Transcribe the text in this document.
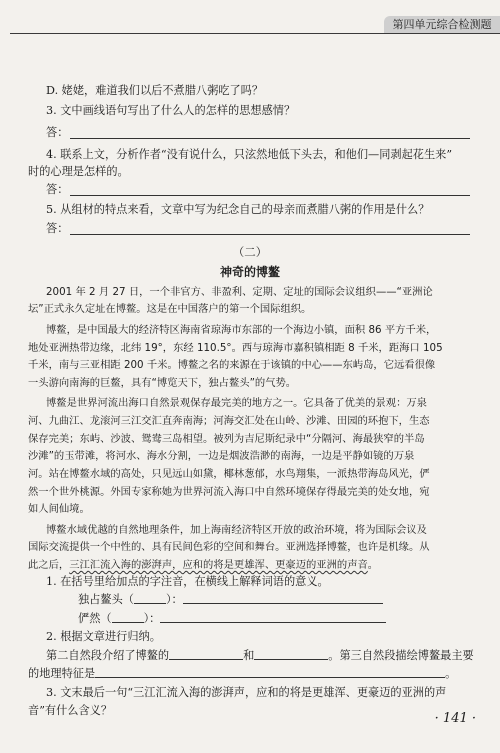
第四单元综合检测题
D. 姥姥，难道我们以后不煮腊八粥吃了吗？
3. 文中画线语句写出了什么人的怎样的思想感情？
答：
4. 联系上文，分析作者“没有说什么，只泫然地低下头去，和他们—同剥起花生来”
时的心理是怎样的。
答：
5. 从组材的特点来看，文章中写为纪念自己的母亲而煮腊八粥的作用是什么？
答：
（二）
神奇的博鳌
2001 年 2 月 27 日，一个非官方、非盈利、定期、定址的国际会议组织——“亚洲论
坛”正式永久定址在博鳌。这是在中国落户的第一个国际组织。
博鳌，是中国最大的经济特区海南省琼海市东部的一个海边小镇，面积 86 平方千米，
地处亚洲热带边缘，北纬 19°，东经 110.5°。西与琼海市嘉积镇相距 8 千米，距海口 105
千米，南与三亚相距 200 千米。博鳌之名的来源在于该镇的中心——东屿岛，它远看很像
一头游向南海的巨鳌，具有“博览天下，独占鳌头”的气势。
博鳌是世界河流出海口自然景观保存最完美的地方之一。它具备了优美的景观：万泉
河、九曲江、龙滚河三江交汇直奔南海；河海交汇处在山岭、沙滩、田园的环抱下，生态
保存完美；东屿、沙波、鸳鸯三岛相望。被列为吉尼斯纪录中“分隔河、海最狭窄的半岛
沙滩”的玉带滩，将河水、海水分割，一边是烟波浩渺的南海，一边是平静如镜的万泉
河。站在博鳌水域的高处，只见远山如黛，椰林葱郁，水鸟翔集，一派热带海岛风光，俨
然一个世外桃源。外国专家称她为世界河流入海口中自然环境保存得最完美的处女地，宛
如人间仙境。
博鳌水域优越的自然地理条件，加上海南经济特区开放的政治环境，将为国际会议及
国际交流提供一个中性的、具有民间色彩的空间和舞台。亚洲选择博鳌，也许是机缘。从
此之后，三江汇流入海的澎湃声，应和的将是更雄浑、更豪迈的亚洲的声音。
1. 在括号里给加点的字注音，在横线上解释词语的意义。
独占鳌头（	）：
俨然（	）：
2. 根据文章进行归纳。
第二自然段介绍了博鳌的	和	。第三自然段描绘博鳌最主要
的地理特征是	。
3. 文末最后一句“三江汇流入海的澎湃声，应和的将是更雄浑、更豪迈的亚洲的声
音”有什么含义？
· 141 ·
